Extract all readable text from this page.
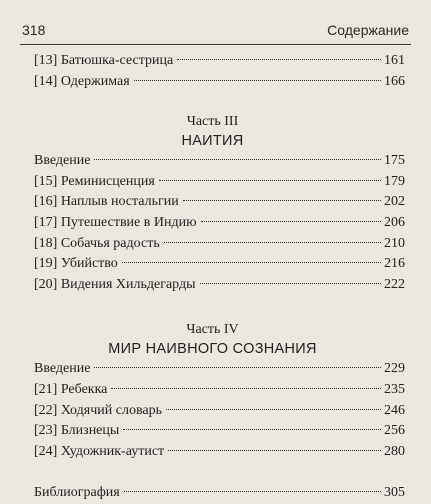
318	Содержание
[13] Батюшка-сестрица	161
[14] Одержимая	166
Часть III
НАИТИЯ
Введение	175
[15] Реминисценция	179
[16] Наплыв ностальгии	202
[17] Путешествие в Индию	206
[18] Собачья радость	210
[19] Убийство	216
[20] Видения Хильдегарды	222
Часть IV
МИР НАИВНОГО СОЗНАНИЯ
Введение	229
[21] Ребекка	235
[22] Ходячий словарь	246
[23] Близнецы	256
[24] Художник-аутист	280
Библиография	305
